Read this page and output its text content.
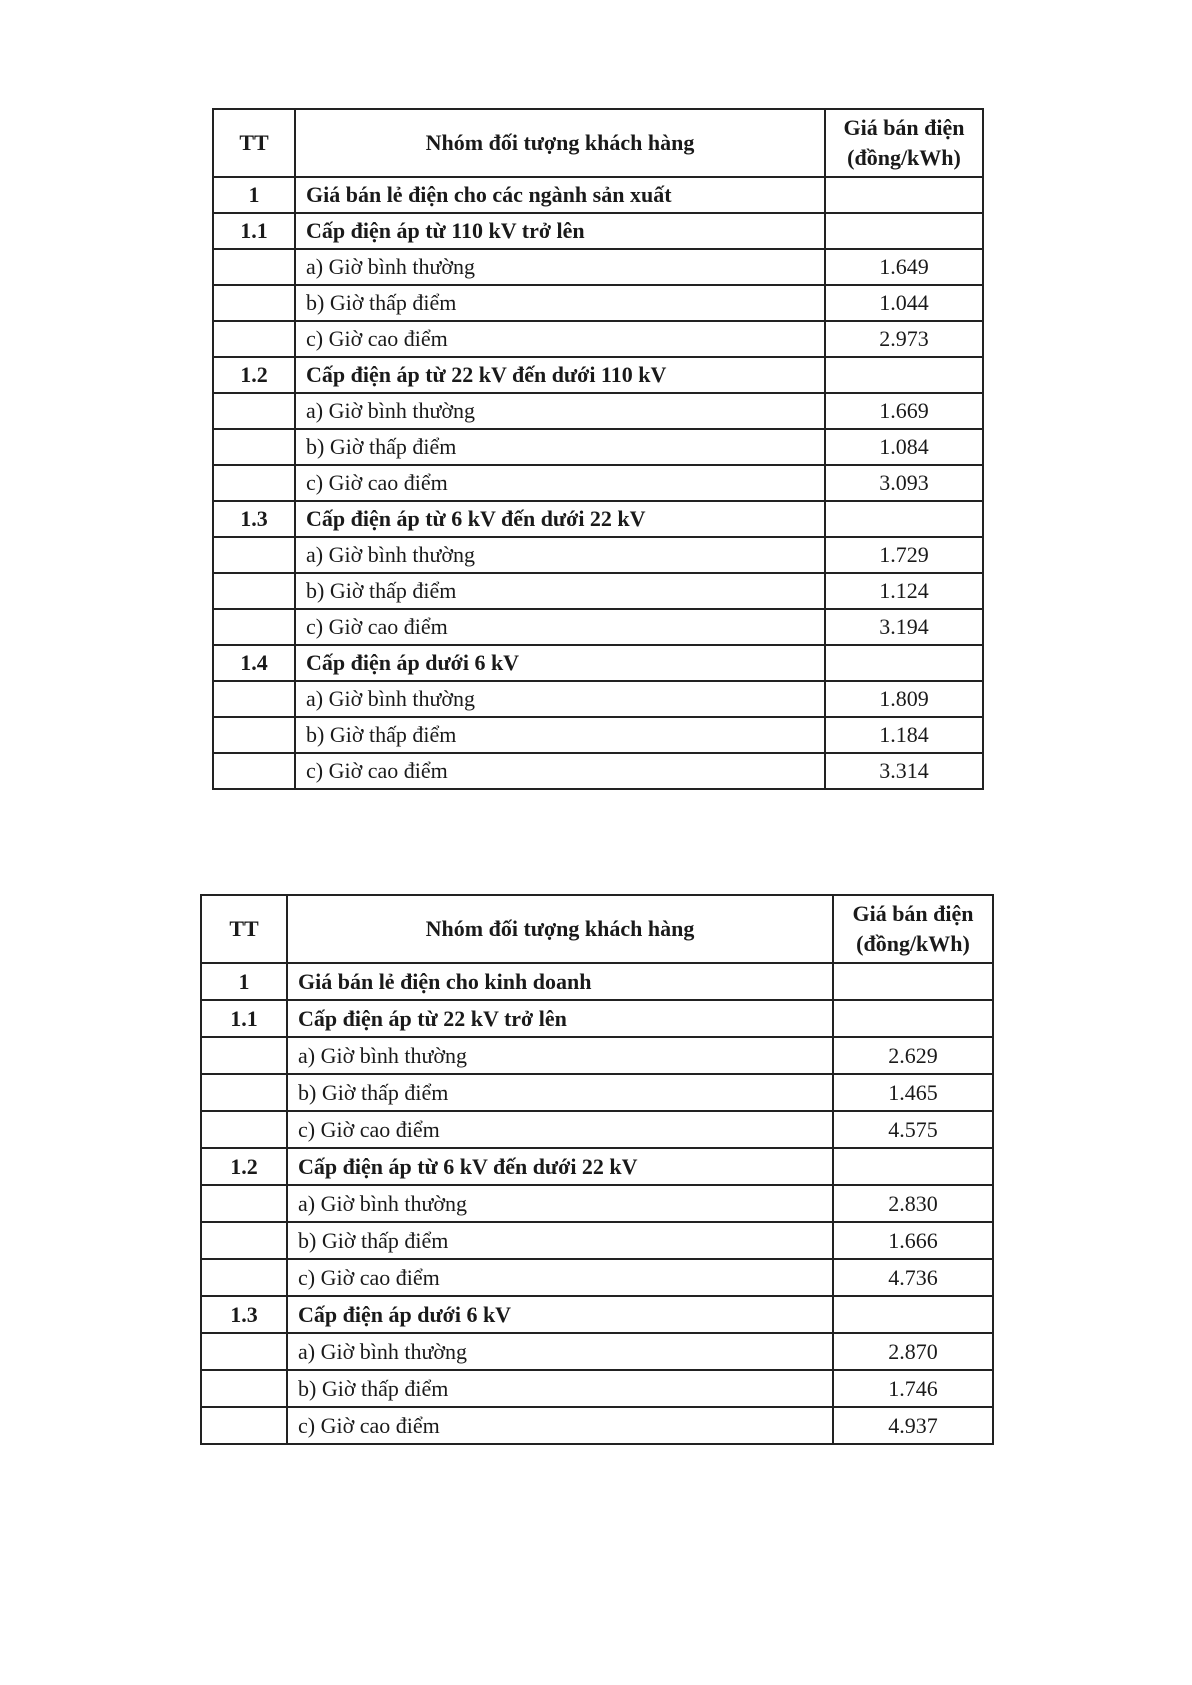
TT	Nhóm đối tượng khách hàng	Giá bán điện
(đồng/kWh)

1	Giá bán lẻ điện cho các ngành sản xuất	
1.1	Cấp điện áp từ 110 kV trở lên	
	a) Giờ bình thường	1.649
	b) Giờ thấp điểm	1.044
	c) Giờ cao điểm	2.973
1.2	Cấp điện áp từ 22 kV đến dưới 110 kV	
	a) Giờ bình thường	1.669
	b) Giờ thấp điểm	1.084
	c) Giờ cao điểm	3.093
1.3	Cấp điện áp từ 6 kV đến dưới 22 kV	
	a) Giờ bình thường	1.729
	b) Giờ thấp điểm	1.124
	c) Giờ cao điểm	3.194
1.4	Cấp điện áp dưới 6 kV	
	a) Giờ bình thường	1.809
	b) Giờ thấp điểm	1.184
	c) Giờ cao điểm	3.314
TT	Nhóm đối tượng khách hàng	Giá bán điện
(đồng/kWh)

1	Giá bán lẻ điện cho kinh doanh	
1.1	Cấp điện áp từ 22 kV trở lên	
	a) Giờ bình thường	2.629
	b) Giờ thấp điểm	1.465
	c) Giờ cao điểm	4.575
1.2	Cấp điện áp từ 6 kV đến dưới 22 kV	
	a) Giờ bình thường	2.830
	b) Giờ thấp điểm	1.666
	c) Giờ cao điểm	4.736
1.3	Cấp điện áp dưới 6 kV	
	a) Giờ bình thường	2.870
	b) Giờ thấp điểm	1.746
	c) Giờ cao điểm	4.937
